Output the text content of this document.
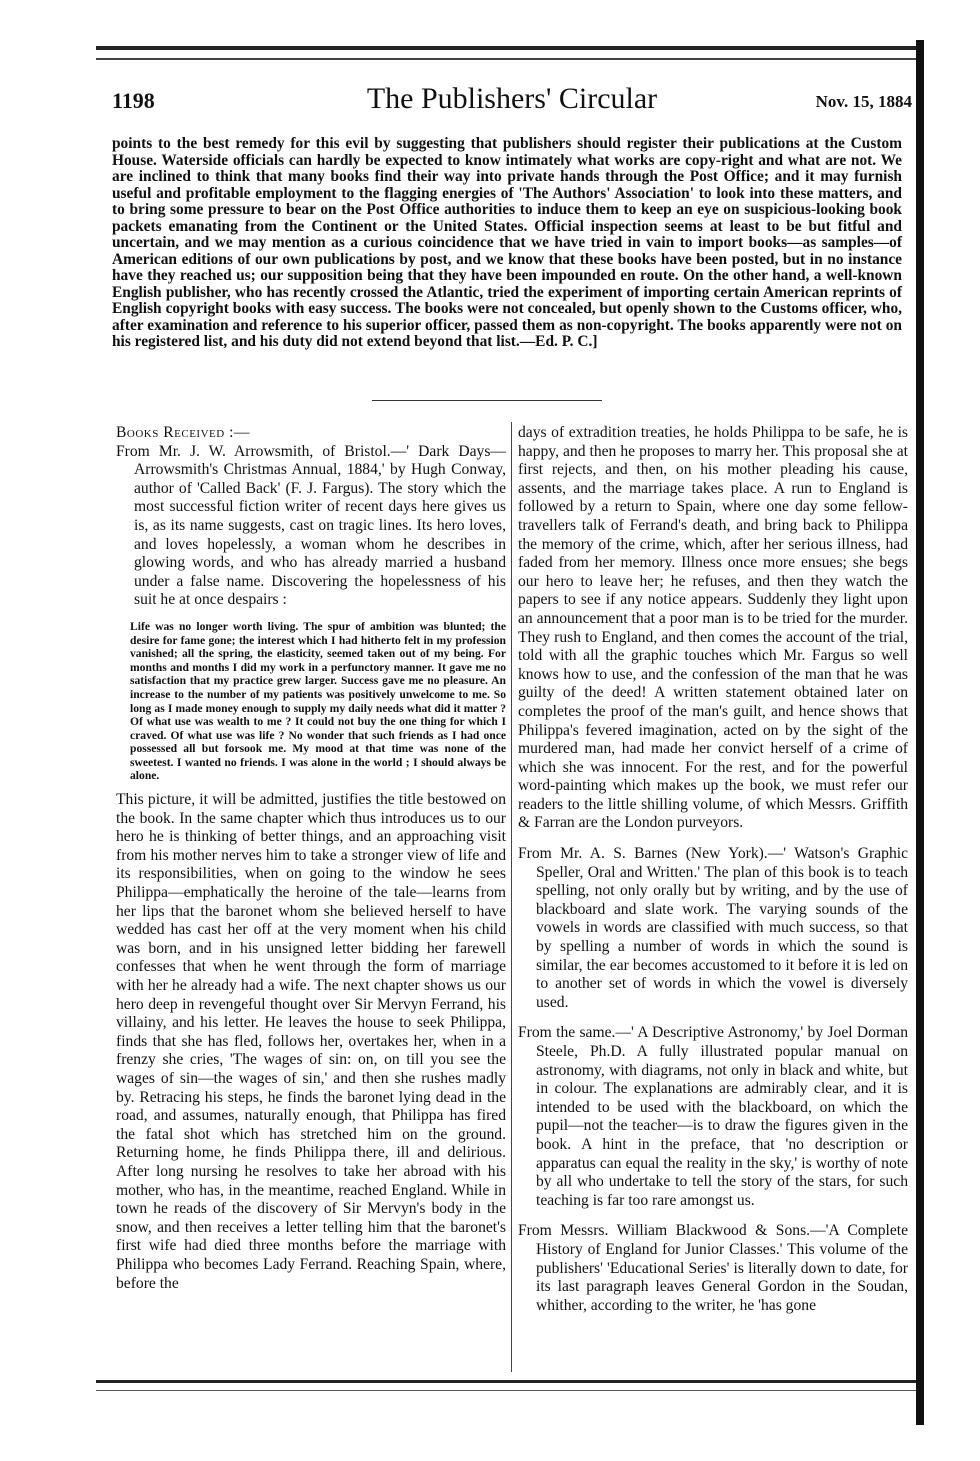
1198	The Publishers' Circular	Nov. 15, 1884

points to the best remedy for this evil by suggesting that publishers should register their publications at the Custom House. Waterside officials can hardly be expected to know intimately what works are copy-right and what are not. We are inclined to think that many books find their way into private hands through the Post Office; and it may furnish useful and profitable employment to the flagging energies of 'The Authors' Association' to look into these matters, and to bring some pressure to bear on the Post Office authorities to induce them to keep an eye on suspicious-looking book packets emanating from the Continent or the United States. Official inspection seems at least to be but fitful and uncertain, and we may mention as a curious coincidence that we have tried in vain to import books—as samples—of American editions of our own publications by post, and we know that these books have been posted, but in no instance have they reached us; our supposition being that they have been impounded en route. On the other hand, a well-known English publisher, who has recently crossed the Atlantic, tried the experiment of importing certain American reprints of English copyright books with easy success. The books were not concealed, but openly shown to the Customs officer, who, after examination and reference to his superior officer, passed them as non-copyright. The books apparently were not on his registered list, and his duty did not extend beyond that list.—Ed. P. C.]

Books Received :—

From Mr. J. W. Arrowsmith, of Bristol.—' Dark Days—Arrowsmith's Christmas Annual, 1884,' by Hugh Conway, author of 'Called Back' (F. J. Fargus). The story which the most successful fiction writer of recent days here gives us is, as its name suggests, cast on tragic lines. Its hero loves, and loves hopelessly, a woman whom he describes in glowing words, and who has already married a husband under a false name. Discovering the hopelessness of his suit he at once despairs :

Life was no longer worth living. The spur of ambition was blunted; the desire for fame gone; the interest which I had hitherto felt in my profession vanished; all the spring, the elasticity, seemed taken out of my being. For months and months I did my work in a perfunctory manner. It gave me no satisfaction that my practice grew larger. Success gave me no pleasure. An increase to the number of my patients was positively unwelcome to me. So long as I made money enough to supply my daily needs what did it matter ? Of what use was wealth to me ? It could not buy the one thing for which I craved. Of what use was life ? No wonder that such friends as I had once possessed all but forsook me. My mood at that time was none of the sweetest. I wanted no friends. I was alone in the world ; I should always be alone.

This picture, it will be admitted, justifies the title bestowed on the book. In the same chapter which thus introduces us to our hero he is thinking of better things, and an approaching visit from his mother nerves him to take a stronger view of life and its responsibilities, when on going to the window he sees Philippa—emphatically the heroine of the tale—learns from her lips that the baronet whom she believed herself to have wedded has cast her off at the very moment when his child was born, and in his unsigned letter bidding her farewell confesses that when he went through the form of marriage with her he already had a wife. The next chapter shows us our hero deep in revengeful thought over Sir Mervyn Ferrand, his villainy, and his letter. He leaves the house to seek Philippa, finds that she has fled, follows her, overtakes her, when in a frenzy she cries, 'The wages of sin: on, on till you see the wages of sin—the wages of sin,' and then she rushes madly by. Retracing his steps, he finds the baronet lying dead in the road, and assumes, naturally enough, that Philippa has fired the fatal shot which has stretched him on the ground. Returning home, he finds Philippa there, ill and delirious. After long nursing he resolves to take her abroad with his mother, who has, in the meantime, reached England. While in town he reads of the discovery of Sir Mervyn's body in the snow, and then receives a letter telling him that the baronet's first wife had died three months before the marriage with Philippa who becomes Lady Ferrand. Reaching Spain, where, before the

days of extradition treaties, he holds Philippa to be safe, he is happy, and then he proposes to marry her. This proposal she at first rejects, and then, on his mother pleading his cause, assents, and the marriage takes place. A run to England is followed by a return to Spain, where one day some fellow-travellers talk of Ferrand's death, and bring back to Philippa the memory of the crime, which, after her serious illness, had faded from her memory. Illness once more ensues; she begs our hero to leave her; he refuses, and then they watch the papers to see if any notice appears. Suddenly they light upon an announcement that a poor man is to be tried for the murder. They rush to England, and then comes the account of the trial, told with all the graphic touches which Mr. Fargus so well knows how to use, and the confession of the man that he was guilty of the deed! A written statement obtained later on completes the proof of the man's guilt, and hence shows that Philippa's fevered imagination, acted on by the sight of the murdered man, had made her convict herself of a crime of which she was innocent. For the rest, and for the powerful word-painting which makes up the book, we must refer our readers to the little shilling volume, of which Messrs. Griffith & Farran are the London purveyors.

From Mr. A. S. Barnes (New York).—' Watson's Graphic Speller, Oral and Written.' The plan of this book is to teach spelling, not only orally but by writing, and by the use of blackboard and slate work. The varying sounds of the vowels in words are classified with much success, so that by spelling a number of words in which the sound is similar, the ear becomes accustomed to it before it is led on to another set of words in which the vowel is diversely used.

From the same.—' A Descriptive Astronomy,' by Joel Dorman Steele, Ph.D. A fully illustrated popular manual on astronomy, with diagrams, not only in black and white, but in colour. The explanations are admirably clear, and it is intended to be used with the blackboard, on which the pupil—not the teacher—is to draw the figures given in the book. A hint in the preface, that 'no description or apparatus can equal the reality in the sky,' is worthy of note by all who undertake to tell the story of the stars, for such teaching is far too rare amongst us.

From Messrs. William Blackwood & Sons.—'A Complete History of England for Junior Classes.' This volume of the publishers' 'Educational Series' is literally down to date, for its last paragraph leaves General Gordon in the Soudan, whither, according to the writer, he 'has gone
